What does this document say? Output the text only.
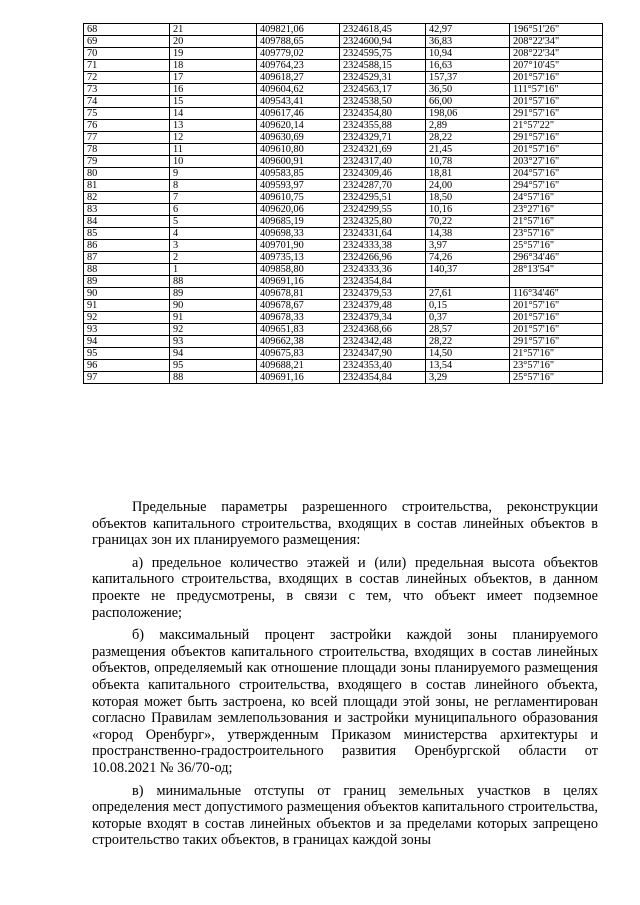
68	21	409821,06	2324618,45	42,97	196°51'26"
69	20	409788,65	2324600,94	36,83	208°22'34"
70	19	409779,02	2324595,75	10,94	208°22'34"
71	18	409764,23	2324588,15	16,63	207°10'45"
72	17	409618,27	2324529,31	157,37	201°57'16"
73	16	409604,62	2324563,17	36,50	111°57'16"
74	15	409543,41	2324538,50	66,00	201°57'16"
75	14	409617,46	2324354,80	198,06	291°57'16"
76	13	409620,14	2324355,88	2,89	21°57'22"
77	12	409630,69	2324329,71	28,22	291°57'16"
78	11	409610,80	2324321,69	21,45	201°57'16"
79	10	409600,91	2324317,40	10,78	203°27'16"
80	9	409583,85	2324309,46	18,81	204°57'16"
81	8	409593,97	2324287,70	24,00	294°57'16"
82	7	409610,75	2324295,51	18,50	24°57'16"
83	6	409620,06	2324299,55	10,16	23°27'16"
84	5	409685,19	2324325,80	70,22	21°57'16"
85	4	409698,33	2324331,64	14,38	23°57'16"
86	3	409701,90	2324333,38	3,97	25°57'16"
87	2	409735,13	2324266,96	74,26	296°34'46"
88	1	409858,80	2324333,36	140,37	28°13'54"
89	88	409691,16	2324354,84		
90	89	409678,81	2324379,53	27,61	116°34'46"
91	90	409678,67	2324379,48	0,15	201°57'16"
92	91	409678,33	2324379,34	0,37	201°57'16"
93	92	409651,83	2324368,66	28,57	201°57'16"
94	93	409662,38	2324342,48	28,22	291°57'16"
95	94	409675,83	2324347,90	14,50	21°57'16"
96	95	409688,21	2324353,40	13,54	23°57'16"
97	88	409691,16	2324354,84	3,29	25°57'16"

Предельные параметры разрешенного строительства, реконструкции объектов капитального строительства, входящих в состав линейных объектов в границах зон их планируемого размещения:

а) предельное количество этажей и (или) предельная высота объектов капитального строительства, входящих в состав линейных объектов, в данном проекте не предусмотрены, в связи с тем, что объект имеет подземное расположение;

б) максимальный процент застройки каждой зоны планируемого размещения объектов капитального строительства, входящих в состав линейных объектов, определяемый как отношение площади зоны планируемого размещения объекта капитального строительства, входящего в состав линейного объекта, которая может быть застроена, ко всей площади этой зоны, не регламентирован согласно Правилам землепользования и застройки муниципального образования «город Оренбург», утвержденным Приказом министерства архитектуры и пространственно-градостроительного развития Оренбургской области от 10.08.2021 № 36/70-од;

в) минимальные отступы от границ земельных участков в целях определения мест допустимого размещения объектов капитального строительства, которые входят в состав линейных объектов и за пределами которых запрещено строительство таких объектов, в границах каждой зоны
